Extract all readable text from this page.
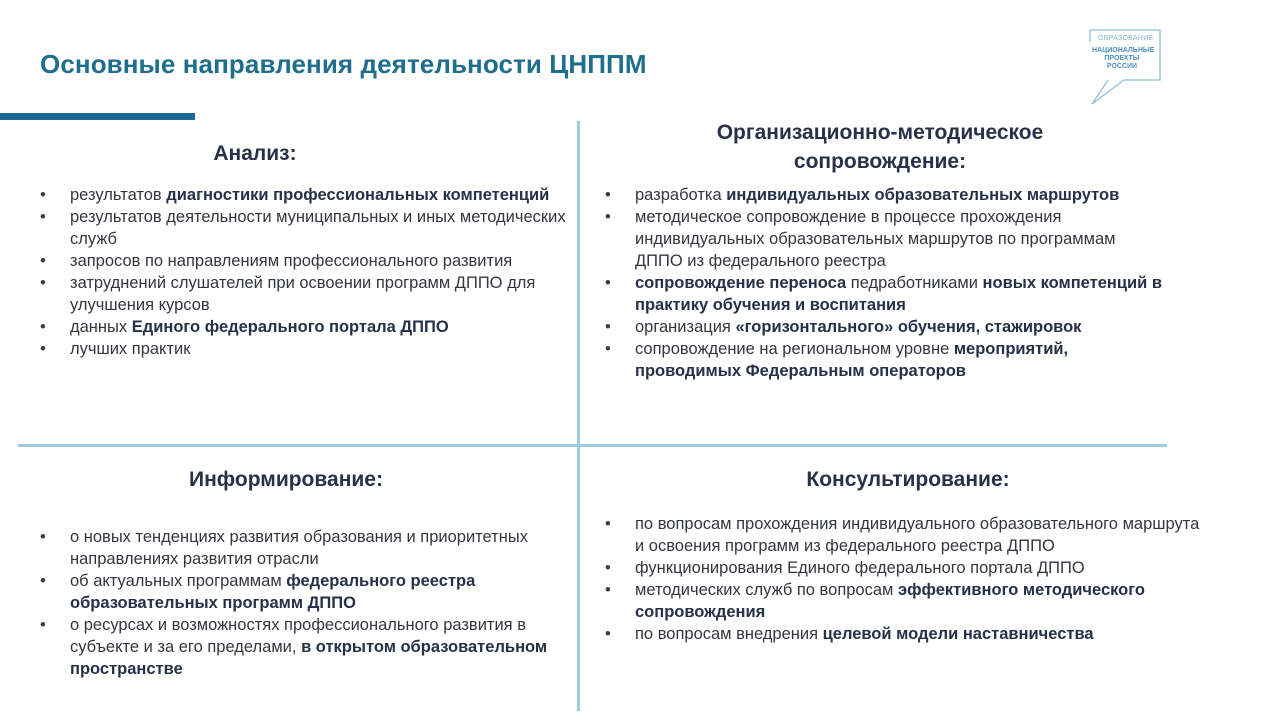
Основные направления деятельности ЦНППМ
ОБРАЗОВАНИЕ
НАЦИОНАЛЬНЫЕ
ПРОЕКТЫ
РОССИИ
Анализ:
• результатов диагностики профессиональных компетенций
• результатов деятельности муниципальных и иных методических служб
• запросов по направлениям профессионального развития
• затруднений слушателей при освоении программ ДППО для улучшения курсов
• данных Единого федерального портала ДППО
• лучших практик
Организационно-методическое сопровождение:
• разработка индивидуальных образовательных маршрутов
• методическое сопровождение в процессе прохождения индивидуальных образовательных маршрутов по программам ДППО из федерального реестра
• сопровождение переноса педработниками новых компетенций в практику обучения и воспитания
• организация «горизонтального» обучения, стажировок
• сопровождение на региональном уровне мероприятий, проводимых Федеральным операторов
Информирование:
• о новых тенденциях развития образования и приоритетных направлениях развития отрасли
• об актуальных программам федерального реестра образовательных программ ДППО
• о ресурсах и возможностях профессионального развития в субъекте и за его пределами, в открытом образовательном пространстве
Консультирование:
• по вопросам прохождения индивидуального образовательного маршрута и освоения программ из федерального реестра ДППО
• функционирования Единого федерального портала ДППО
• методических служб по вопросам эффективного методического сопровождения
• по вопросам внедрения целевой модели наставничества
